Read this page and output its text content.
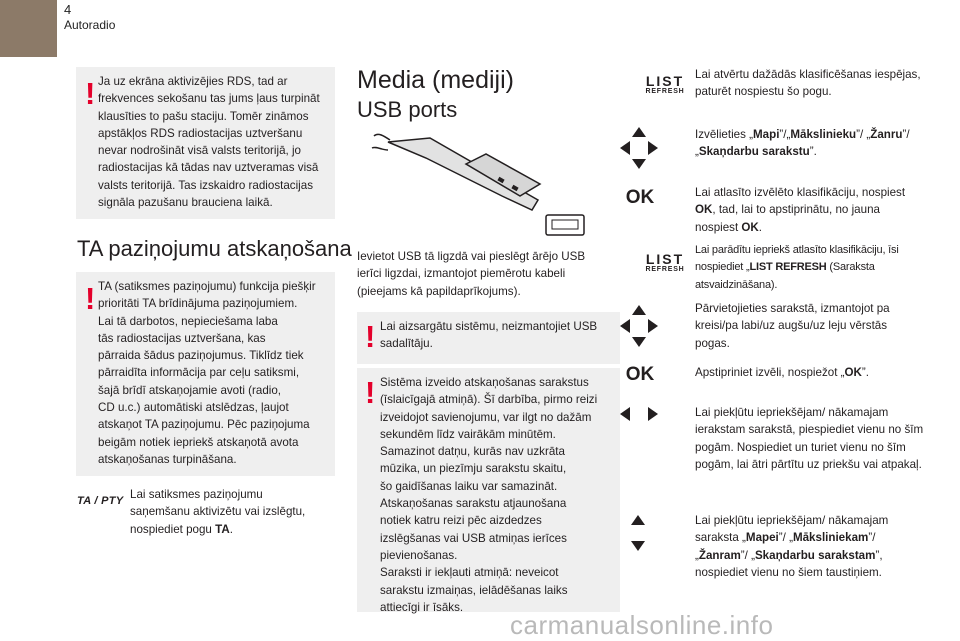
4
Autoradio
! Ja uz ekrāna aktivizējies RDS, tad ar
frekvences sekošanu tas jums ļaus turpināt
klausīties to pašu staciju. Tomēr zināmos
apstākļos RDS radiostacijas uztveršanu
nevar nodrošināt visā valsts teritorijā, jo
radiostacijas kā tādas nav uztveramas visā
valsts teritorijā. Tas izskaidro radiostacijas
signāla pazušanu brauciena laikā.
TA paziņojumu atskaņošana
! TA (satiksmes paziņojumu) funkcija piešķir
prioritāti TA brīdinājuma paziņojumiem.
Lai tā darbotos, nepieciešama laba
tās radiostacijas uztveršana, kas
pārraida šādus paziņojumus. Tiklīdz tiek
pārraidīta informācija par ceļu satiksmi,
šajā brīdī atskaņojamie avoti (radio,
CD u.c.) automātiski atslēdzas, ļaujot
atskaņot TA paziņojumu. Pēc paziņojuma
beigām notiek iepriekš atskaņotā avota
atskaņošanas turpināšana.
TA / PTY Lai satiksmes paziņojumu
saņemšanu aktivizētu vai izslēgtu,
nospiediet pogu TA.
Media (mediji)
USB ports
Ievietot USB tā ligzdā vai pieslēgt ārējo USB
ierīci ligzdai, izmantojot piemērotu kabeli
(pieejams kā papildaprīkojums).
! Lai aizsargātu sistēmu, neizmantojiet USB
sadalītāju.
! Sistēma izveido atskaņošanas sarakstus
(īslaicīgajā atmiņā). Šī darbība, pirmo reizi
izveidojot savienojumu, var ilgt no dažām
sekundēm līdz vairākām minūtēm.
Samazinot datņu, kurās nav uzkrāta
mūzika, un piezīmju sarakstu skaitu,
šo gaidīšanas laiku var samazināt.
Atskaņošanas sarakstu atjaunošana
notiek katru reizi pēc aizdedzes
izslēgšanas vai USB atmiņas ierīces
pievienošanas.
Saraksti ir iekļauti atmiņā: neveicot
sarakstu izmaiņas, ielādēšanas laiks
attiecīgi ir īsāks.
LIST
REFRESH
OK
LIST
REFRESH
OK
Lai atvērtu dažādās klasificēšanas iespējas, paturēt nospiestu šo pogu.
Izvēlieties „Mapi”/„Mākslinieku”/ „Žanru”/„Skaņdarbu sarakstu”.
Lai atlasīto izvēlēto klasifikāciju, nospiest OK, tad, lai to apstiprinātu, no jauna nospiest OK.
Lai parādītu iepriekš atlasīto klasifikāciju, īsi nospiediet „LIST REFRESH (Saraksta atsvaidzināšana).
Pārvietojieties sarakstā, izmantojot pa kreisi/pa labi/uz augšu/uz leju vērstās pogas.
Apstipriniet izvēli, nospiežot „OK”.
Lai piekļūtu iepriekšējam/ nākamajam ierakstam sarakstā, piespiediet vienu no šīm pogām. Nospiediet un turiet vienu no šīm pogām, lai ātri pārtītu uz priekšu vai atpakaļ.
Lai piekļūtu iepriekšējam/ nākamajam saraksta „Mapei”/ „Māksliniekam”/„Žanram”/ „Skaņdarbu sarakstam”, nospiediet vienu no šiem taustiņiem.
carmanualsonline.info
